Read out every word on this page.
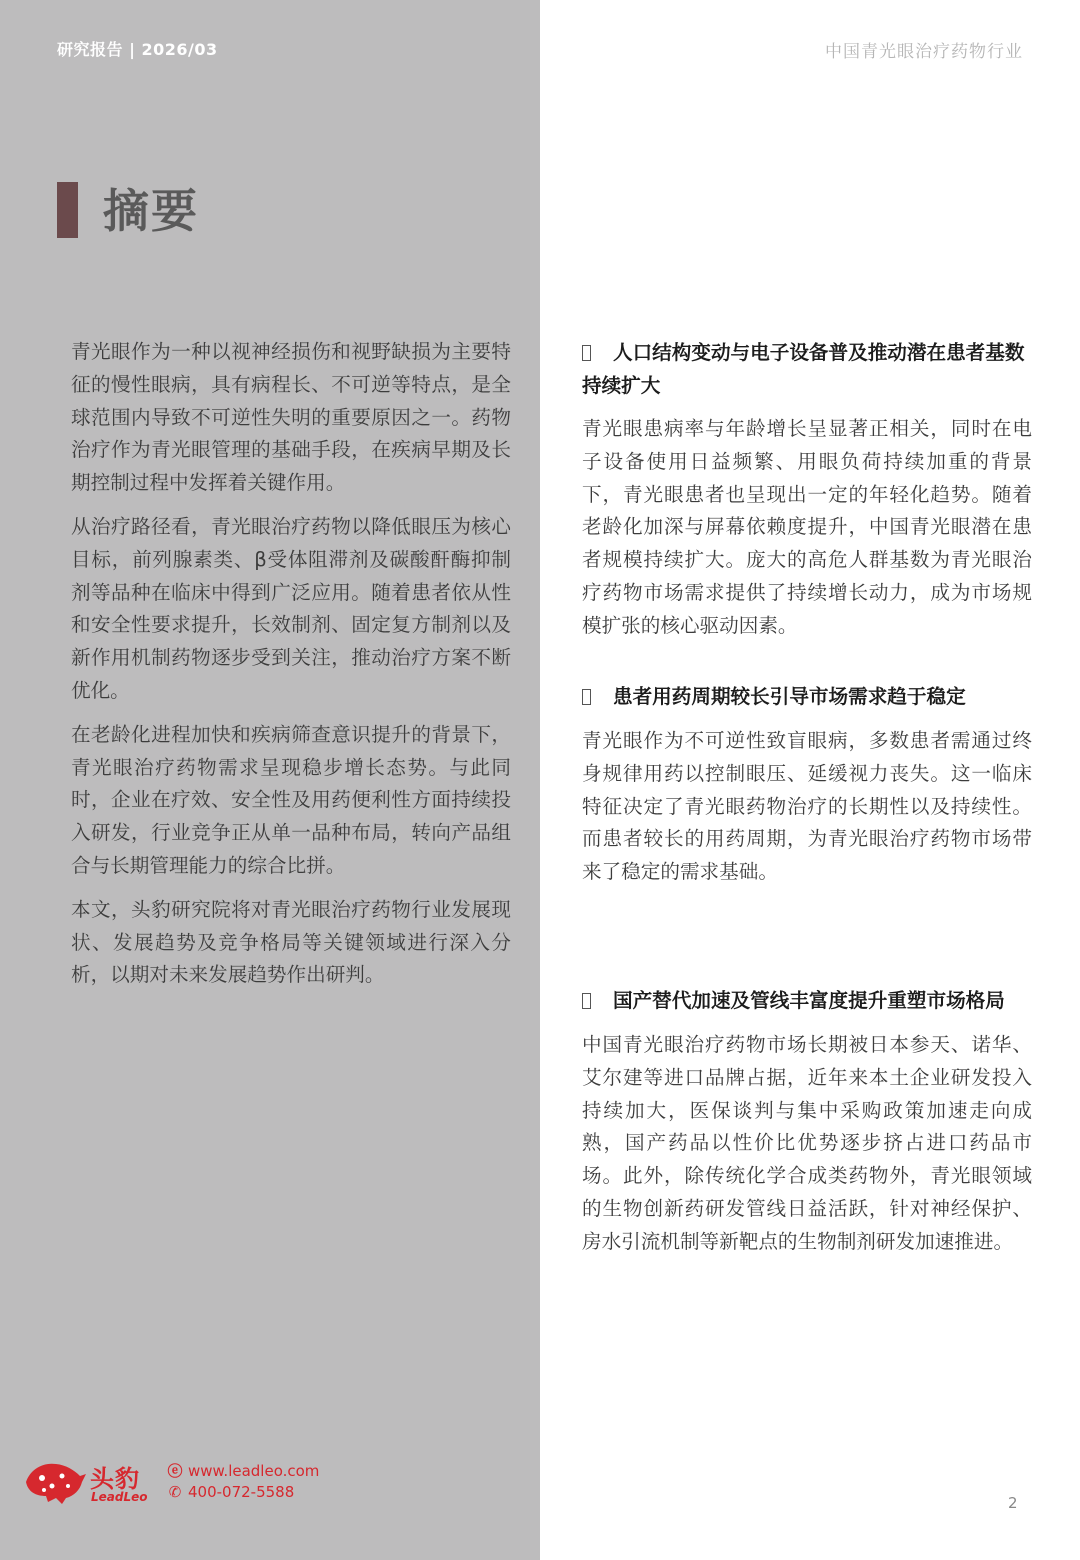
研究报告 | 2026/03	中国青光眼治疗药物行业
摘要

青光眼作为一种以视神经损伤和视野缺损为主要特征的慢性眼病，具有病程长、不可逆等特点，是全球范围内导致不可逆性失明的重要原因之一。药物治疗作为青光眼管理的基础手段，在疾病早期及长期控制过程中发挥着关键作用。

从治疗路径看，青光眼治疗药物以降低眼压为核心目标，前列腺素类、β受体阻滞剂及碳酸酐酶抑制剂等品种在临床中得到广泛应用。随着患者依从性和安全性要求提升，长效制剂、固定复方制剂以及新作用机制药物逐步受到关注，推动治疗方案不断优化。

在老龄化进程加快和疾病筛查意识提升的背景下，青光眼治疗药物需求呈现稳步增长态势。与此同时，企业在疗效、安全性及用药便利性方面持续投入研发，行业竞争正从单一品种布局，转向产品组合与长期管理能力的综合比拼。

本文，头豹研究院将对青光眼治疗药物行业发展现状、发展趋势及竞争格局等关键领域进行深入分析，以期对未来发展趋势作出研判。

人口结构变动与电子设备普及推动潜在患者基数持续扩大

青光眼患病率与年龄增长呈显著正相关，同时在电子设备使用日益频繁、用眼负荷持续加重的背景下，青光眼患者也呈现出一定的年轻化趋势。随着老龄化加深与屏幕依赖度提升，中国青光眼潜在患者规模持续扩大。庞大的高危人群基数为青光眼治疗药物市场需求提供了持续增长动力，成为市场规模扩张的核心驱动因素。

患者用药周期较长引导市场需求趋于稳定

青光眼作为不可逆性致盲眼病，多数患者需通过终身规律用药以控制眼压、延缓视力丧失。这一临床特征决定了青光眼药物治疗的长期性以及持续性。而患者较长的用药周期，为青光眼治疗药物市场带来了稳定的需求基础。

国产替代加速及管线丰富度提升重塑市场格局

中国青光眼治疗药物市场长期被日本参天、诺华、艾尔建等进口品牌占据，近年来本土企业研发投入持续加大，医保谈判与集中采购政策加速走向成熟，国产药品以性价比优势逐步挤占进口药品市场。此外，除传统化学合成类药物外，青光眼领域的生物创新药研发管线日益活跃，针对神经保护、房水引流机制等新靶点的生物制剂研发加速推进。

头豹
LeadLeo
ⓔ www.leadleo.com
✆ 400-072-5588
2
